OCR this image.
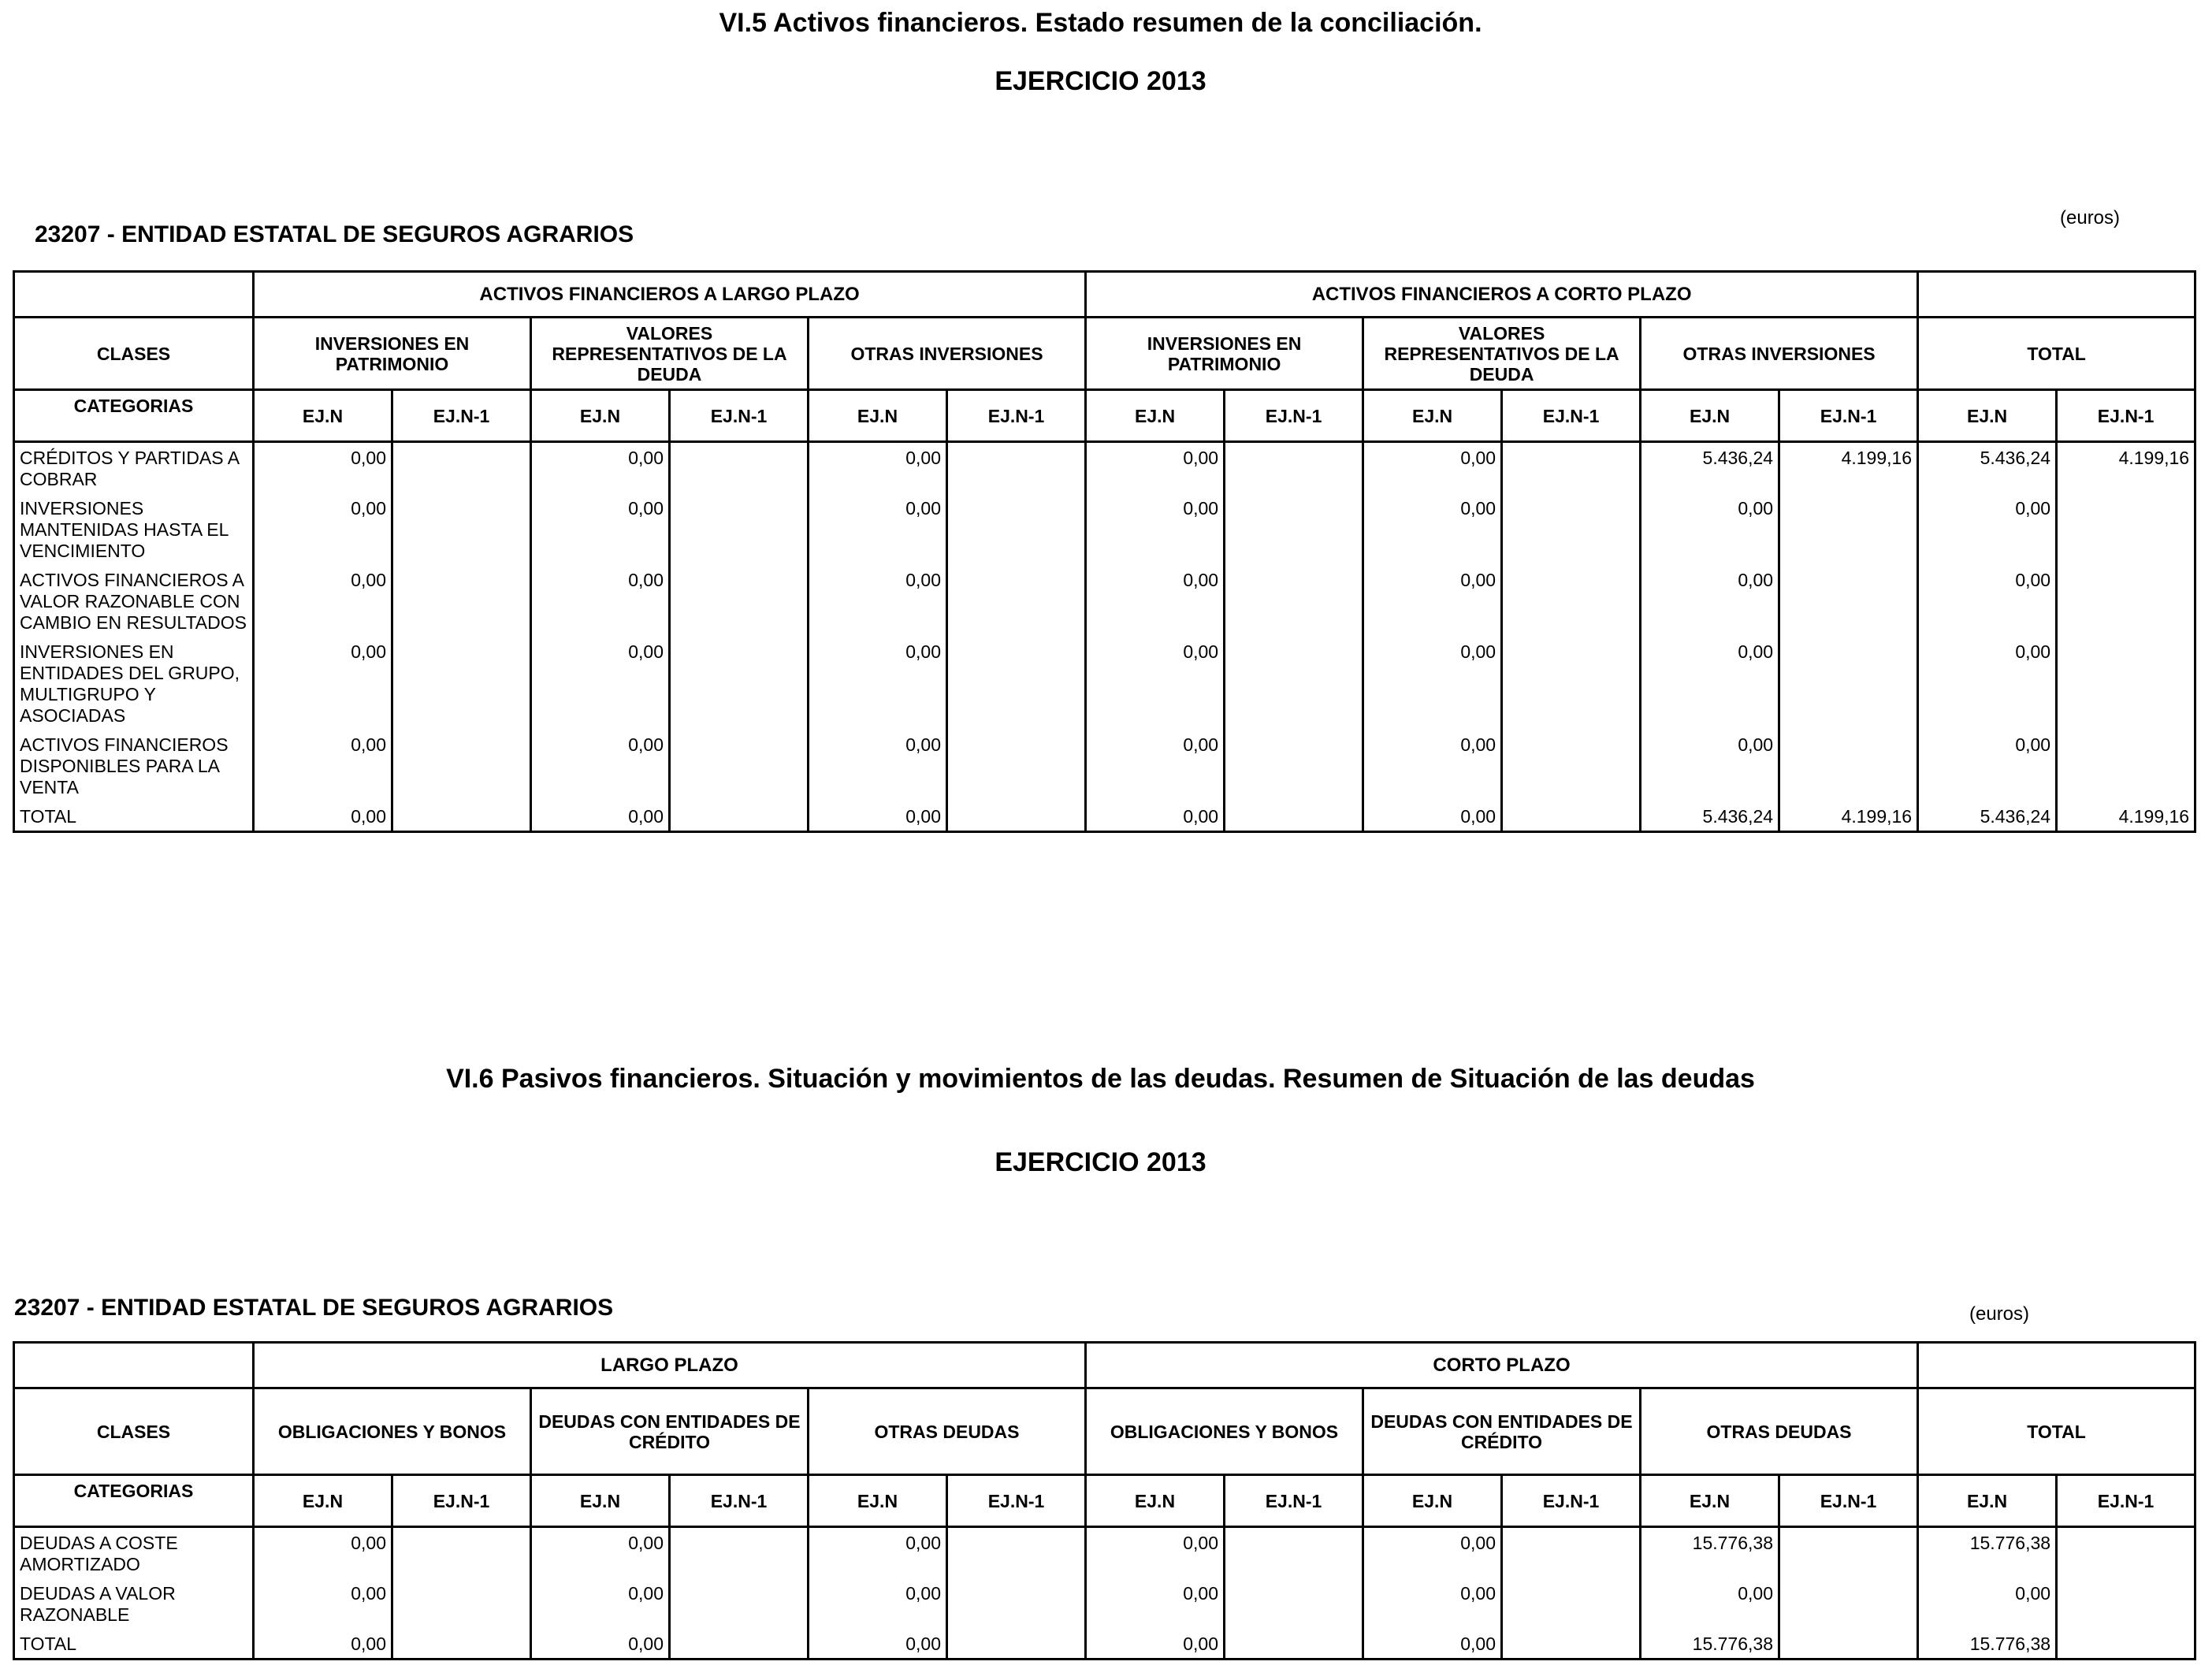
VI.5 Activos financieros. Estado resumen de la conciliación.
EJERCICIO 2013
(euros)
23207 - ENTIDAD ESTATAL DE SEGUROS AGRARIOS
	ACTIVOS FINANCIEROS A LARGO PLAZO						ACTIVOS FINANCIEROS A CORTO PLAZO							
CLASES	INVERSIONES EN PATRIMONIO		VALORES REPRESENTATIVOS DE LA DEUDA		OTRAS INVERSIONES		INVERSIONES EN PATRIMONIO		VALORES REPRESENTATIVOS DE LA DEUDA		OTRAS INVERSIONES		TOTAL	
CATEGORIAS	EJ.N	EJ.N-1	EJ.N	EJ.N-1	EJ.N	EJ.N-1	EJ.N	EJ.N-1	EJ.N	EJ.N-1	EJ.N	EJ.N-1	EJ.N	EJ.N-1
CRÉDITOS Y PARTIDAS A COBRAR	0,00		0,00		0,00		0,00		0,00		5.436,24	4.199,16	5.436,24	4.199,16
INVERSIONES MANTENIDAS HASTA EL VENCIMIENTO	0,00		0,00		0,00		0,00		0,00		0,00		0,00	
ACTIVOS FINANCIEROS A VALOR RAZONABLE CON CAMBIO EN RESULTADOS	0,00		0,00		0,00		0,00		0,00		0,00		0,00	
INVERSIONES EN ENTIDADES DEL GRUPO, MULTIGRUPO Y ASOCIADAS	0,00		0,00		0,00		0,00		0,00		0,00		0,00	
ACTIVOS FINANCIEROS DISPONIBLES PARA LA VENTA	0,00		0,00		0,00		0,00		0,00		0,00		0,00	
TOTAL	0,00		0,00		0,00		0,00		0,00		5.436,24	4.199,16	5.436,24	4.199,16
VI.6 Pasivos financieros. Situación y movimientos de las deudas. Resumen de Situación de las deudas
EJERCICIO 2013
23207 - ENTIDAD ESTATAL DE SEGUROS AGRARIOS	(euros)
	LARGO PLAZO						CORTO PLAZO							
CLASES	OBLIGACIONES Y BONOS		DEUDAS CON ENTIDADES DE CRÉDITO		OTRAS DEUDAS		OBLIGACIONES Y BONOS		DEUDAS CON ENTIDADES DE CRÉDITO		OTRAS DEUDAS		TOTAL	
CATEGORIAS	EJ.N	EJ.N-1	EJ.N	EJ.N-1	EJ.N	EJ.N-1	EJ.N	EJ.N-1	EJ.N	EJ.N-1	EJ.N	EJ.N-1	EJ.N	EJ.N-1
DEUDAS A COSTE AMORTIZADO	0,00		0,00		0,00		0,00		0,00		15.776,38		15.776,38	
DEUDAS A VALOR RAZONABLE	0,00		0,00		0,00		0,00		0,00		0,00		0,00	
TOTAL	0,00		0,00		0,00		0,00		0,00		15.776,38		15.776,38	
